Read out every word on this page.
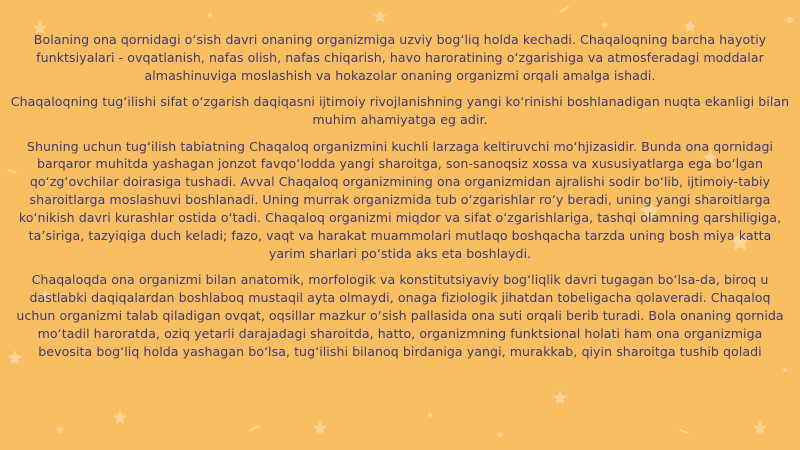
Bolaning ona qornidagi o‘sish davri onaning organizmiga uzviy bog‘liq holda kechadi. Chaqaloqning barcha hayotiy funktsiyalari - ovqatlanish, nafas olish, nafas chiqarish, havo haroratining o‘zgarishiga va atmosferadagi moddalar almashinuviga moslashish va hokazolar onaning organizmi orqali amalga ishadi.

Chaqaloqning tug‘ilishi sifat o‘zgarish daqiqasni ijtimoiy rivojlanishning yangi ko‘rinishi boshlanadigan nuqta ekanligi bilan muhim ahamiyatga eg adir.

Shuning uchun tug‘ilish tabiatning Chaqaloq organizmini kuchli larzaga keltiruvchi mo‘hjizasidir. Bunda ona qornidagi barqaror muhitda yashagan jonzot favqo‘lodda yangi sharoitga, son-sanoqsiz xossa va xususiyatlarga ega bo‘lgan qo‘zg‘ovchilar doirasiga tushadi. Avval Chaqaloq organizmining ona organizmidan ajralishi sodir bo‘lib, ijtimoiy-tabiy sharoitlarga moslashuvi boshlanadi. Uning murrak organizmida tub o‘zgarishlar ro‘y beradi, uning yangi sharoitlarga ko‘nikish davri kurashlar ostida o‘tadi. Chaqaloq organizmi miqdor va sifat o‘zgarishlariga, tashqi olamning qarshiligiga, ta’siriga, tazyiqiga duch keladi; fazo, vaqt va harakat muammolari mutlaqo boshqacha tarzda uning bosh miya katta yarim sharlari po‘stida aks eta boshlaydi.

Chaqaloqda ona organizmi bilan anatomik, morfologik va konstitutsiyaviy bog‘liqlik davri tugagan bo‘lsa-da, biroq u dastlabki daqiqalardan boshlaboq mustaqil ayta olmaydi, onaga fiziologik jihatdan tobeligacha qolaveradi. Chaqaloq uchun organizmi talab qiladigan ovqat, oqsillar mazkur o‘sish pallasida ona suti orqali berib turadi. Bola onaning qornida mo‘tadil haroratda, oziq yetarli darajadagi sharoitda, hatto, organizmning funktsional holati ham ona organizmiga bevosita bog‘liq holda yashagan bo‘lsa, tug‘ilishi bilanoq birdaniga yangi, murakkab, qiyin sharoitga tushib qoladi
